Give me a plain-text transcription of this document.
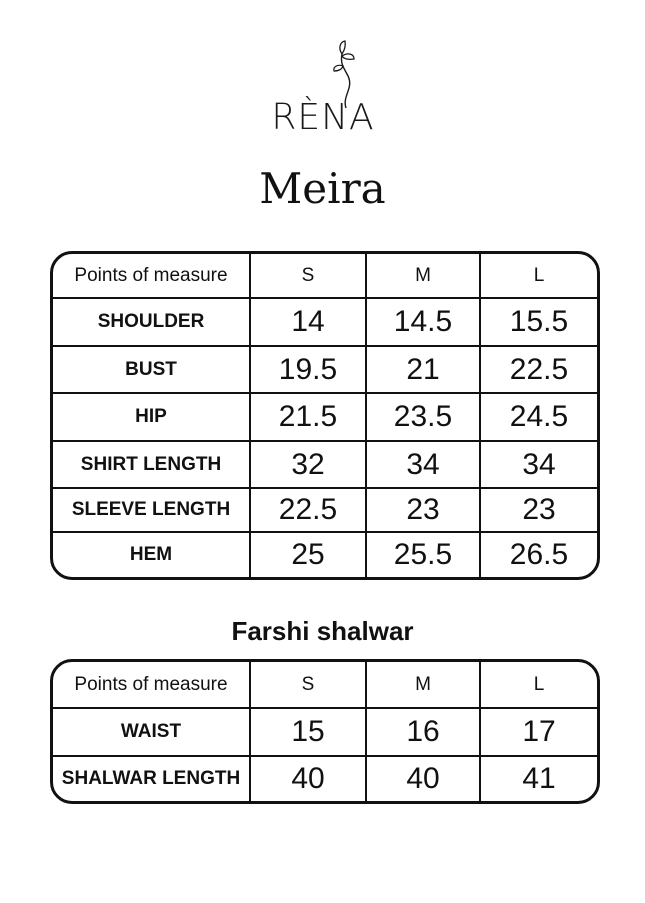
RÈNA
Meira
Points of measure	S	M	L
SHOULDER	14	14.5	15.5
BUST	19.5	21	22.5
HIP	21.5	23.5	24.5
SHIRT LENGTH	32	34	34
SLEEVE LENGTH	22.5	23	23
HEM	25	25.5	26.5
Farshi shalwar
Points of measure	S	M	L
WAIST	15	16	17
SHALWAR LENGTH	40	40	41
